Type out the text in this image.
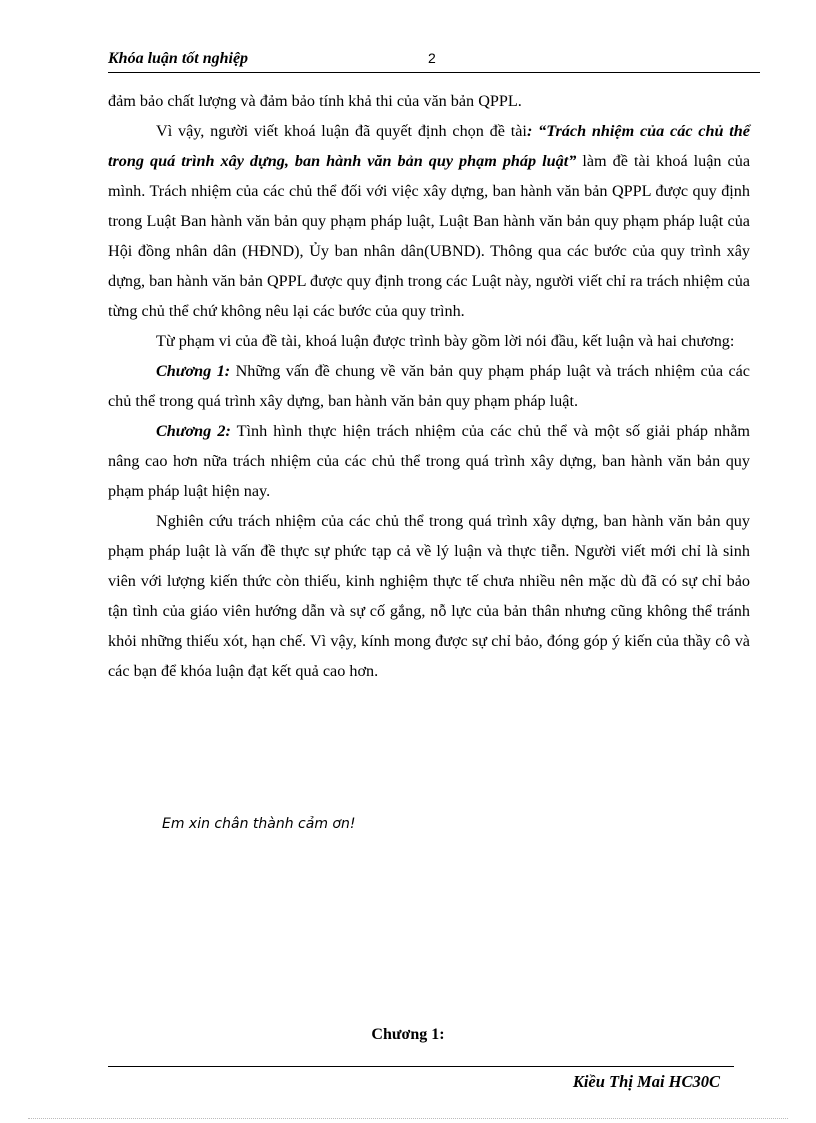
Khóa luận tốt nghiệp	2

đảm bảo chất lượng và đảm bảo tính khả thi của văn bản QPPL.

Vì vậy, người viết khoá luận đã quyết định chọn đề tài: “Trách nhiệm của các chủ thể trong quá trình xây dựng, ban hành văn bản quy phạm pháp luật” làm đề tài khoá luận của mình. Trách nhiệm của các chủ thể đối với việc xây dựng, ban hành văn bản QPPL được quy định trong Luật Ban hành văn bản quy phạm pháp luật, Luật Ban hành văn bản quy phạm pháp luật của Hội đồng nhân dân (HĐND), Ủy ban nhân dân(UBND). Thông qua các bước của quy trình xây dựng, ban hành văn bản QPPL được quy định trong các Luật này, người viết chỉ ra trách nhiệm của từng chủ thể chứ không nêu lại các bước của quy trình.

Từ phạm vi của đề tài, khoá luận được trình bày gồm lời nói đầu, kết luận và hai chương:

Chương 1: Những vấn đề chung về văn bản quy phạm pháp luật và trách nhiệm của các chủ thể trong quá trình xây dựng, ban hành văn bản quy phạm pháp luật.

Chương 2: Tình hình thực hiện trách nhiệm của các chủ thể và một số giải pháp nhằm nâng cao hơn nữa trách nhiệm của các chủ thể trong quá trình xây dựng, ban hành văn bản quy phạm pháp luật hiện nay.

Nghiên cứu trách nhiệm của các chủ thể trong quá trình xây dựng, ban hành văn bản quy phạm pháp luật là vấn đề thực sự phức tạp cả về lý luận và thực tiễn. Người viết mới chỉ là sinh viên với lượng kiến thức còn thiếu, kinh nghiệm thực tế chưa nhiều nên mặc dù đã có sự chỉ bảo tận tình của giáo viên hướng dẫn và sự cố gắng, nỗ lực của bản thân nhưng cũng không thể tránh khỏi những thiếu xót, hạn chế. Vì vậy, kính mong được sự chỉ bảo, đóng góp ý kiến của thầy cô và các bạn để khóa luận đạt kết quả cao hơn.

Em xin chân thành cảm ơn!
Chương 1:
Kiều Thị Mai HC30C
